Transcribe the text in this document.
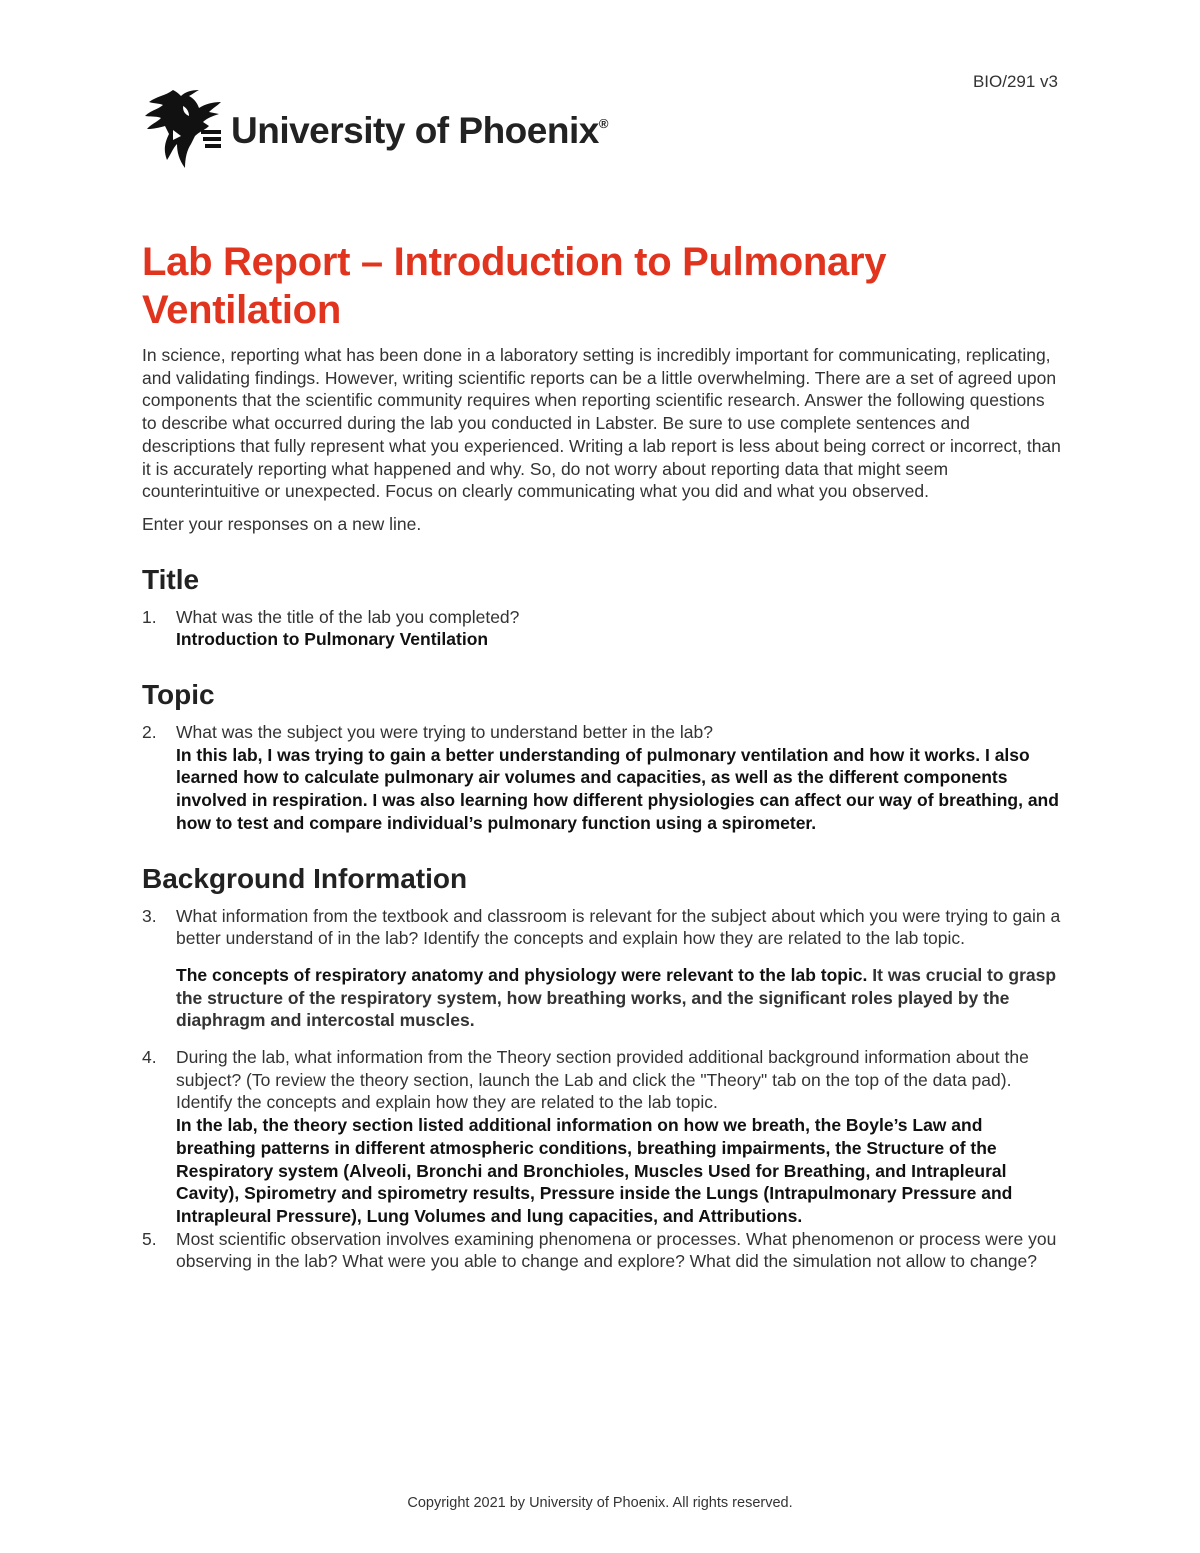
BIO/291 v3
University of Phoenix®
Lab Report – Introduction to Pulmonary Ventilation

In science, reporting what has been done in a laboratory setting is incredibly important for communicating, replicating, and validating findings. However, writing scientific reports can be a little overwhelming. There are a set of agreed upon components that the scientific community requires when reporting scientific research. Answer the following questions to describe what occurred during the lab you conducted in Labster. Be sure to use complete sentences and descriptions that fully represent what you experienced. Writing a lab report is less about being correct or incorrect, than it is accurately reporting what happened and why. So, do not worry about reporting data that might seem counterintuitive or unexpected. Focus on clearly communicating what you did and what you observed.

Enter your responses on a new line.

Title
1. What was the title of the lab you completed?
Introduction to Pulmonary Ventilation
Topic
2. What was the subject you were trying to understand better in the lab?
In this lab, I was trying to gain a better understanding of pulmonary ventilation and how it works. I also learned how to calculate pulmonary air volumes and capacities, as well as the different components involved in respiration. I was also learning how different physiologies can affect our way of breathing, and how to test and compare individual’s pulmonary function using a spirometer.
Background Information
3. What information from the textbook and classroom is relevant for the subject about which you were trying to gain a better understand of in the lab? Identify the concepts and explain how they are related to the lab topic.
The concepts of respiratory anatomy and physiology were relevant to the lab topic. It was crucial to grasp the structure of the respiratory system, how breathing works, and the significant roles played by the diaphragm and intercostal muscles.
4. During the lab, what information from the Theory section provided additional background information about the subject? (To review the theory section, launch the Lab and click the "Theory" tab on the top of the data pad). Identify the concepts and explain how they are related to the lab topic.
In the lab, the theory section listed additional information on how we breath, the Boyle’s Law and breathing patterns in different atmospheric conditions, breathing impairments, the Structure of the Respiratory system (Alveoli, Bronchi and Bronchioles, Muscles Used for Breathing, and Intrapleural Cavity), Spirometry and spirometry results, Pressure inside the Lungs (Intrapulmonary Pressure and Intrapleural Pressure), Lung Volumes and lung capacities, and Attributions.
5. Most scientific observation involves examining phenomena or processes. What phenomenon or process were you observing in the lab? What were you able to change and explore? What did the simulation not allow to change?
Copyright 2021 by University of Phoenix. All rights reserved.
